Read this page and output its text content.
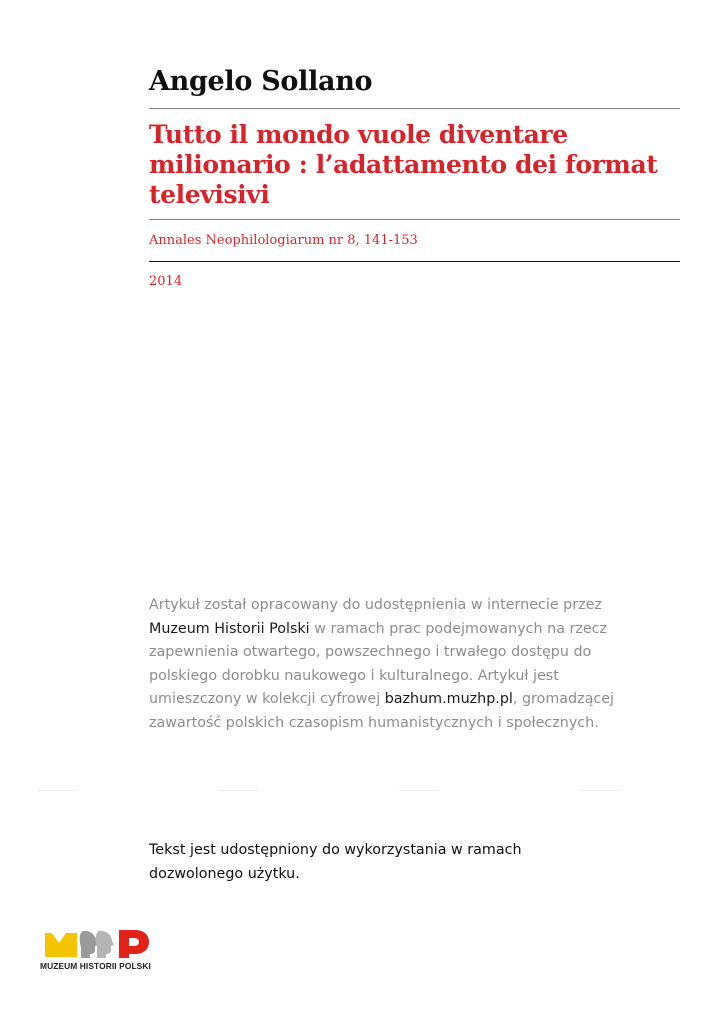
Angelo Sollano
Tutto il mondo vuole diventare milionario : l’adattamento dei format televisivi
Annales Neophilologiarum nr 8, 141-153
2014

Artykuł został opracowany do udostępnienia w internecie przez Muzeum Historii Polski w ramach prac podejmowanych na rzecz zapewnienia otwartego, powszechnego i trwałego dostępu do polskiego dorobku naukowego i kulturalnego. Artykuł jest umieszczony w kolekcji cyfrowej bazhum.muzhp.pl, gromadzącej zawartość polskich czasopism humanistycznych i społecznych.

Tekst jest udostępniony do wykorzystania w ramach dozwolonego użytku.

MUZEUM HISTORII POLSKI
